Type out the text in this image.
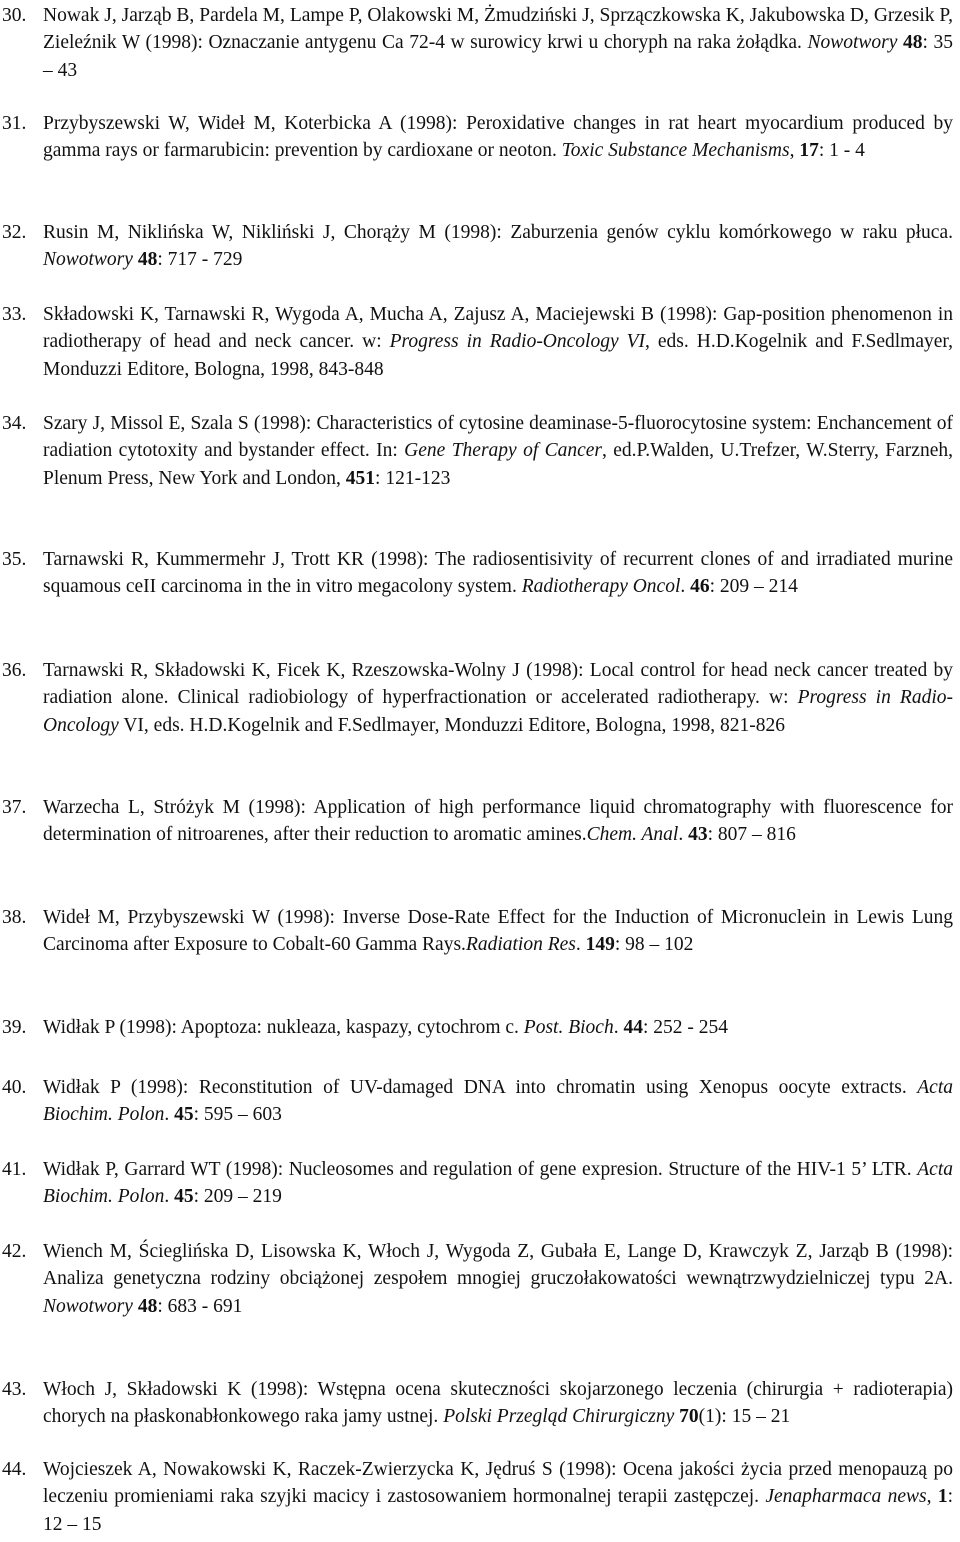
30. Nowak J, Jarząb B, Pardela M, Lampe P, Olakowski M, Żmudziński J, Sprzączkowska K, Jakubowska D, Grzesik P, Zieleźnik W (1998): Oznaczanie antygenu Ca 72-4 w surowicy krwi u choryph na raka żołądka. Nowotwory 48: 35 – 43
31. Przybyszewski W, Wideł M, Koterbicka A (1998): Peroxidative changes in rat heart myocardium produced by gamma rays or farmarubicin: prevention by cardioxane or neoton. Toxic Substance Mechanisms, 17: 1 - 4
32. Rusin M, Niklińska W, Nikliński J, Chorąży M (1998): Zaburzenia genów cyklu komórkowego w raku płuca. Nowotwory 48: 717 - 729
33. Składowski K, Tarnawski R, Wygoda A, Mucha A, Zajusz A, Maciejewski B (1998): Gap-position phenomenon in radiotherapy of head and neck cancer. w: Progress in Radio-Oncology VI, eds. H.D.Kogelnik and F.Sedlmayer, Monduzzi Editore, Bologna, 1998, 843-848
34. Szary J, Missol E, Szala S (1998): Characteristics of cytosine deaminase-5-fluorocytosine system: Enchancement of radiation cytotoxity and bystander effect. In: Gene Therapy of Cancer, ed.P.Walden, U.Trefzer, W.Sterry, Farzneh, Plenum Press, New York and London, 451: 121-123
35. Tarnawski R, Kummermehr J, Trott KR (1998): The radiosentisivity of recurrent clones of and irradiated murine squamous ceII carcinoma in the in vitro megacolony system. Radiotherapy Oncol. 46: 209 – 214
36. Tarnawski R, Składowski K, Ficek K, Rzeszowska-Wolny J (1998): Local control for head neck cancer treated by radiation alone. Clinical radiobiology of hyperfractionation or accelerated radiotherapy. w: Progress in Radio-Oncology VI, eds. H.D.Kogelnik and F.Sedlmayer, Monduzzi Editore, Bologna, 1998, 821-826
37. Warzecha L, Stróżyk M (1998): Application of high performance liquid chromatography with fluorescence for determination of nitroarenes, after their reduction to aromatic amines.Chem. Anal. 43: 807 – 816
38. Wideł M, Przybyszewski W (1998): Inverse Dose-Rate Effect for the Induction of Micronuclein in Lewis Lung Carcinoma after Exposure to Cobalt-60 Gamma Rays.Radiation Res. 149: 98 – 102
39. Widłak P (1998): Apoptoza: nukleaza, kaspazy, cytochrom c. Post. Bioch. 44: 252 - 254
40. Widłak P (1998): Reconstitution of UV-damaged DNA into chromatin using Xenopus oocyte extracts. Acta Biochim. Polon. 45: 595 – 603
41. Widłak P, Garrard WT (1998): Nucleosomes and regulation of gene expresion. Structure of the HIV-1 5’ LTR. Acta Biochim. Polon. 45: 209 – 219
42. Wiench M, Ścieglińska D, Lisowska K, Włoch J, Wygoda Z, Gubała E, Lange D, Krawczyk Z, Jarząb B (1998): Analiza genetyczna rodziny obciążonej zespołem mnogiej gruczołakowatości wewnątrzwydzielniczej typu 2A. Nowotwory 48: 683 - 691
43. Włoch J, Składowski K (1998): Wstępna ocena skuteczności skojarzonego leczenia (chirurgia + radioterapia) chorych na płaskonabłonkowego raka jamy ustnej. Polski Przegląd Chirurgiczny 70(1): 15 – 21
44. Wojcieszek A, Nowakowski K, Raczek-Zwierzycka K, Jędruś S (1998): Ocena jakości życia przed menopauzą po leczeniu promieniami raka szyjki macicy i zastosowaniem hormonalnej terapii zastępczej. Jenapharmaca news, 1: 12 – 15
